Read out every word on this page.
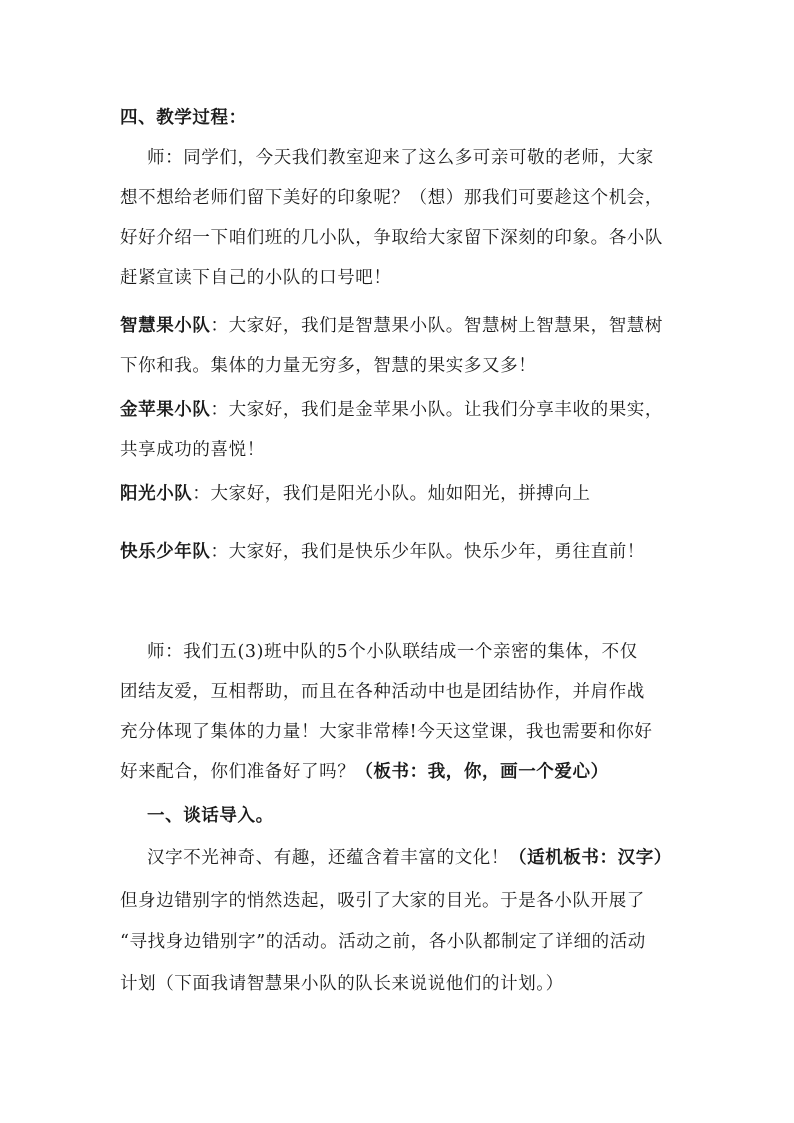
四、教学过程：
师：同学们，今天我们教室迎来了这么多可亲可敬的老师，大家
想不想给老师们留下美好的印象呢？（想）那我们可要趁这个机会，
好好介绍一下咱们班的几小队，争取给大家留下深刻的印象。各小队
赶紧宣读下自己的小队的口号吧！
智慧果小队：大家好，我们是智慧果小队。智慧树上智慧果，智慧树
下你和我。集体的力量无穷多，智慧的果实多又多！
金苹果小队：大家好，我们是金苹果小队。让我们分享丰收的果实，
共享成功的喜悦！
阳光小队：大家好，我们是阳光小队。灿如阳光，拼搏向上
快乐少年队：大家好，我们是快乐少年队。快乐少年，勇往直前！
师：我们五(3)班中队的5个小队联结成一个亲密的集体，不仅
团结友爱，互相帮助，而且在各种活动中也是团结协作，并肩作战
充分体现了集体的力量！大家非常棒!今天这堂课，我也需要和你好
好来配合，你们准备好了吗？（板书：我，你，画一个爱心）
一、谈话导入。
汉字不光神奇、有趣，还蕴含着丰富的文化！（适机板书：汉字）
但身边错别字的悄然迭起，吸引了大家的目光。于是各小队开展了
“寻找身边错别字”的活动。活动之前，各小队都制定了详细的活动
计划（下面我请智慧果小队的队长来说说他们的计划。）
